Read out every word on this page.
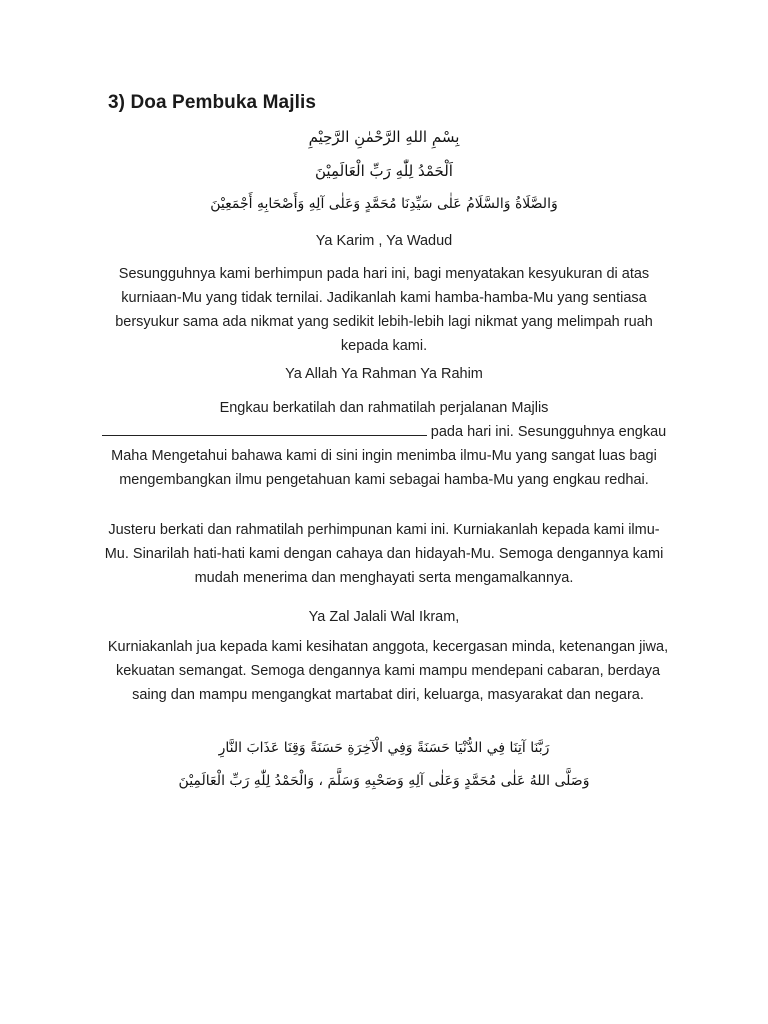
3) Doa Pembuka Majlis
بِسْمِ اللهِ الرَّحْمٰنِ الرَّحِيْمِ
اَلْحَمْدُ لِلّٰهِ رَبِّ الْعَالَمِيْنَ
وَالصَّلَاةُ وَالسَّلَامُ عَلٰى سَيِّدِنَا مُحَمَّدٍ وَعَلٰى آلِهِ وَأَصْحَابِهِ أَجْمَعِيْنَ
Ya Karim , Ya Wadud
Sesungguhnya kami berhimpun pada hari ini, bagi menyatakan kesyukuran di atas kurniaan-Mu yang tidak ternilai. Jadikanlah kami hamba-hamba-Mu yang sentiasa bersyukur sama ada nikmat yang sedikit lebih-lebih lagi nikmat yang melimpah ruah kepada kami.
Ya Allah Ya Rahman Ya Rahim
Engkau berkatilah dan rahmatilah perjalanan Majlis
pada hari ini. Sesungguhnya engkau Maha Mengetahui bahawa kami di sini ingin menimba ilmu-Mu yang sangat luas bagi mengembangkan ilmu pengetahuan kami sebagai hamba-Mu yang engkau redhai.
Justeru berkati dan rahmatilah perhimpunan kami ini. Kurniakanlah kepada kami ilmu-Mu. Sinarilah hati-hati kami dengan cahaya dan hidayah-Mu. Semoga dengannya kami mudah menerima dan menghayati serta mengamalkannya.
Ya Zal Jalali Wal Ikram,
Kurniakanlah jua kepada kami kesihatan anggota, kecergasan minda, ketenangan jiwa, kekuatan semangat. Semoga dengannya kami mampu mendepani cabaran, berdaya saing dan mampu mengangkat martabat diri, keluarga, masyarakat dan negara.
رَبَّنَا آتِنَا فِي الدُّنْيَا حَسَنَةً وَفِي الْآخِرَةِ حَسَنَةً وَقِنَا عَذَابَ النَّارِ
وَصَلَّى اللهُ عَلٰى مُحَمَّدٍ وَعَلٰى آلِهِ وَصَحْبِهِ وَسَلَّمَ ، وَالْحَمْدُ لِلّٰهِ رَبِّ الْعَالَمِيْنَ
